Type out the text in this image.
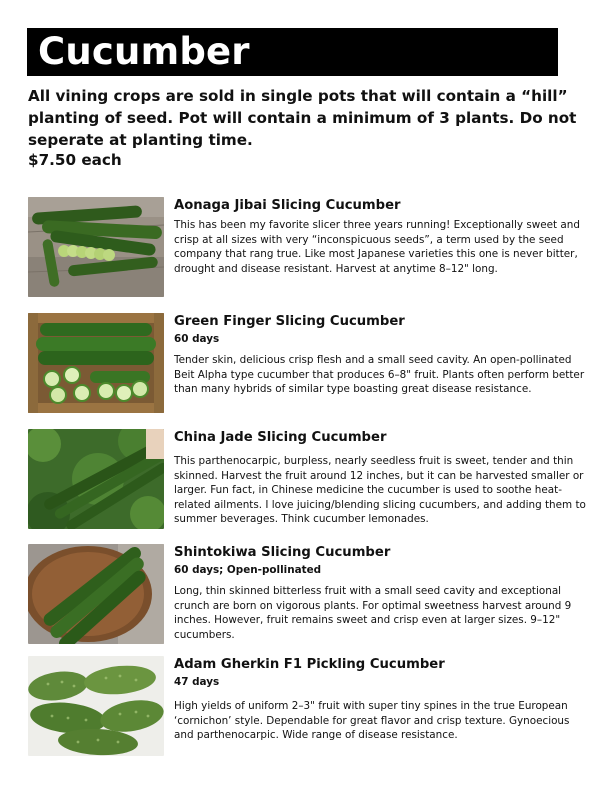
Cucumber
All vining crops are sold in single pots that will contain a “hill” planting of seed. Pot will contain a minimum of 3 plants. Do not seperate at planting time.
$7.50 each

Aonaga Jibai Slicing Cucumber

This has been my favorite slicer three years running! Exceptionally sweet and crisp at all sizes with very “inconspicuous seeds”, a term used by the seed company that rang true. Like most Japanese varieties this one is never bitter, drought and disease resistant. Harvest at anytime 8–12" long.

Green Finger Slicing Cucumber

60 days

Tender skin, delicious crisp flesh and a small seed cavity. An open-pollinated Beit Alpha type cucumber that produces 6–8" fruit. Plants often perform better than many hybrids of similar type boasting great disease resistance.

China Jade Slicing Cucumber

This parthenocarpic, burpless, nearly seedless fruit is sweet, tender and thin skinned. Harvest the fruit around 12 inches, but it can be harvested smaller or larger. Fun fact, in Chinese medicine the cucumber is used to soothe heat-related ailments. I love juicing/blending slicing cucumbers, and adding them to summer beverages. Think cucumber lemonades.

Shintokiwa Slicing Cucumber

60 days; Open-pollinated

Long, thin skinned bitterless fruit with a small seed cavity and exceptional crunch are born on vigorous plants. For optimal sweetness harvest around 9 inches. However, fruit remains sweet and crisp even at larger sizes. 9–12" cucumbers.

Adam Gherkin F1 Pickling Cucumber

47 days

High yields of uniform 2–3" fruit with super tiny spines in the true European ‘cornichon’ style. Dependable for great flavor and crisp texture. Gynoecious and parthenocarpic. Wide range of disease resistance.
